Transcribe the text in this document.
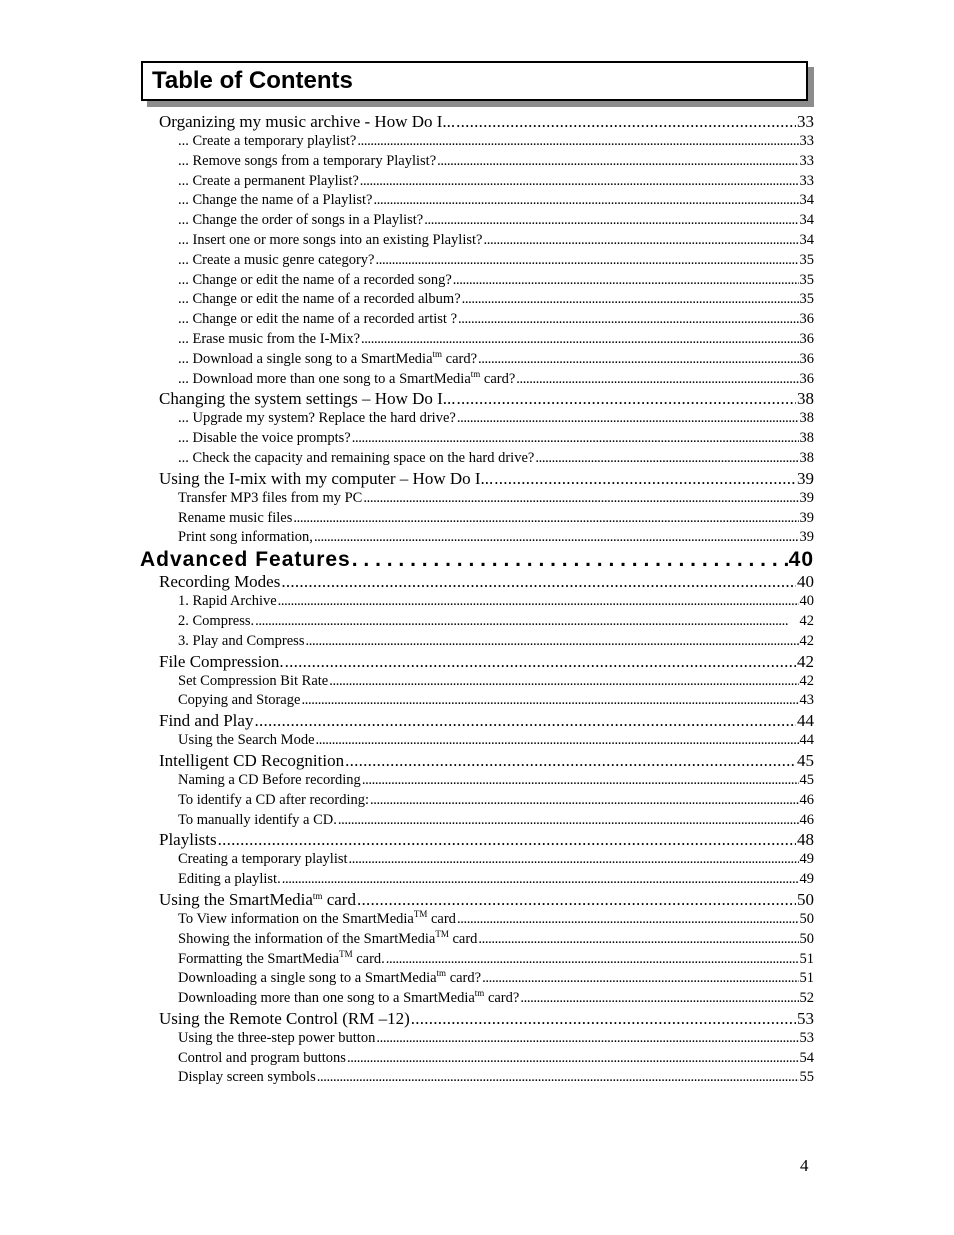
Table of Contents
Organizing my music archive - How Do I... . . .	33
... Create a temporary playlist? . . .	33
... Remove songs from a temporary Playlist? . . .	33
... Create a permanent Playlist? . . .	33
... Change the name of a Playlist? . . .	34
... Change the order of songs in a Playlist? . . .	34
... Insert one or more songs into an existing Playlist? . . .	34
... Create a music genre category? . . .	35
... Change or edit the name of a recorded song? . . .	35
... Change or edit the name of a recorded album? . . .	35
... Change or edit the name of a recorded artist ? . . .	36
... Erase music from the I-Mix? . . .	36
... Download a single song to a SmartMedia$^{tm}$ card? . . .	36
... Download more than one song to a SmartMedia$^{tm}$ card? . . .	36
Changing the system settings – How Do I... . . .	38
... Upgrade my system? Replace the hard drive? . . .	38
... Disable the voice prompts? . . .	38
... Check the capacity and remaining space on the hard drive? . . .	38
Using the I-mix with my computer – How Do I... . . .	39
Transfer MP3 files from my PC . . .	39
Rename music files . . .	39
Print song information, . . .	39
Advanced Features . . .	40
Recording Modes . . .	40
1. Rapid Archive . . .	40
2. Compress. . . .	42
3. Play and Compress . . .	42
File Compression. . . .	42
Set Compression Bit Rate . . .	42
Copying and Storage . . .	43
Find and Play . . .	44
Using the Search Mode . . .	44
Intelligent CD Recognition . . .	45
Naming a CD Before recording . . .	45
To identify a CD after recording: . . .	46
To manually identify a CD. . . .	46
Playlists . . .	48
Creating a temporary playlist . . .	49
Editing a playlist. . . .	49
Using the SmartMedia$^{tm}$ card . . .	50
To View information on the SmartMedia™ card . . .	50
Showing the information of the SmartMedia™ card . . .	50
Formatting the SmartMedia™ card. . . .	51
Downloading a single song to a SmartMedia$^{tm}$ card? . . .	51
Downloading more than one song to a SmartMedia$^{tm}$ card? . . .	52
Using the Remote Control (RM –12) . . .	53
Using the three-step power button . . .	53
Control and program buttons . . .	54
Display screen symbols . . .	55
4
